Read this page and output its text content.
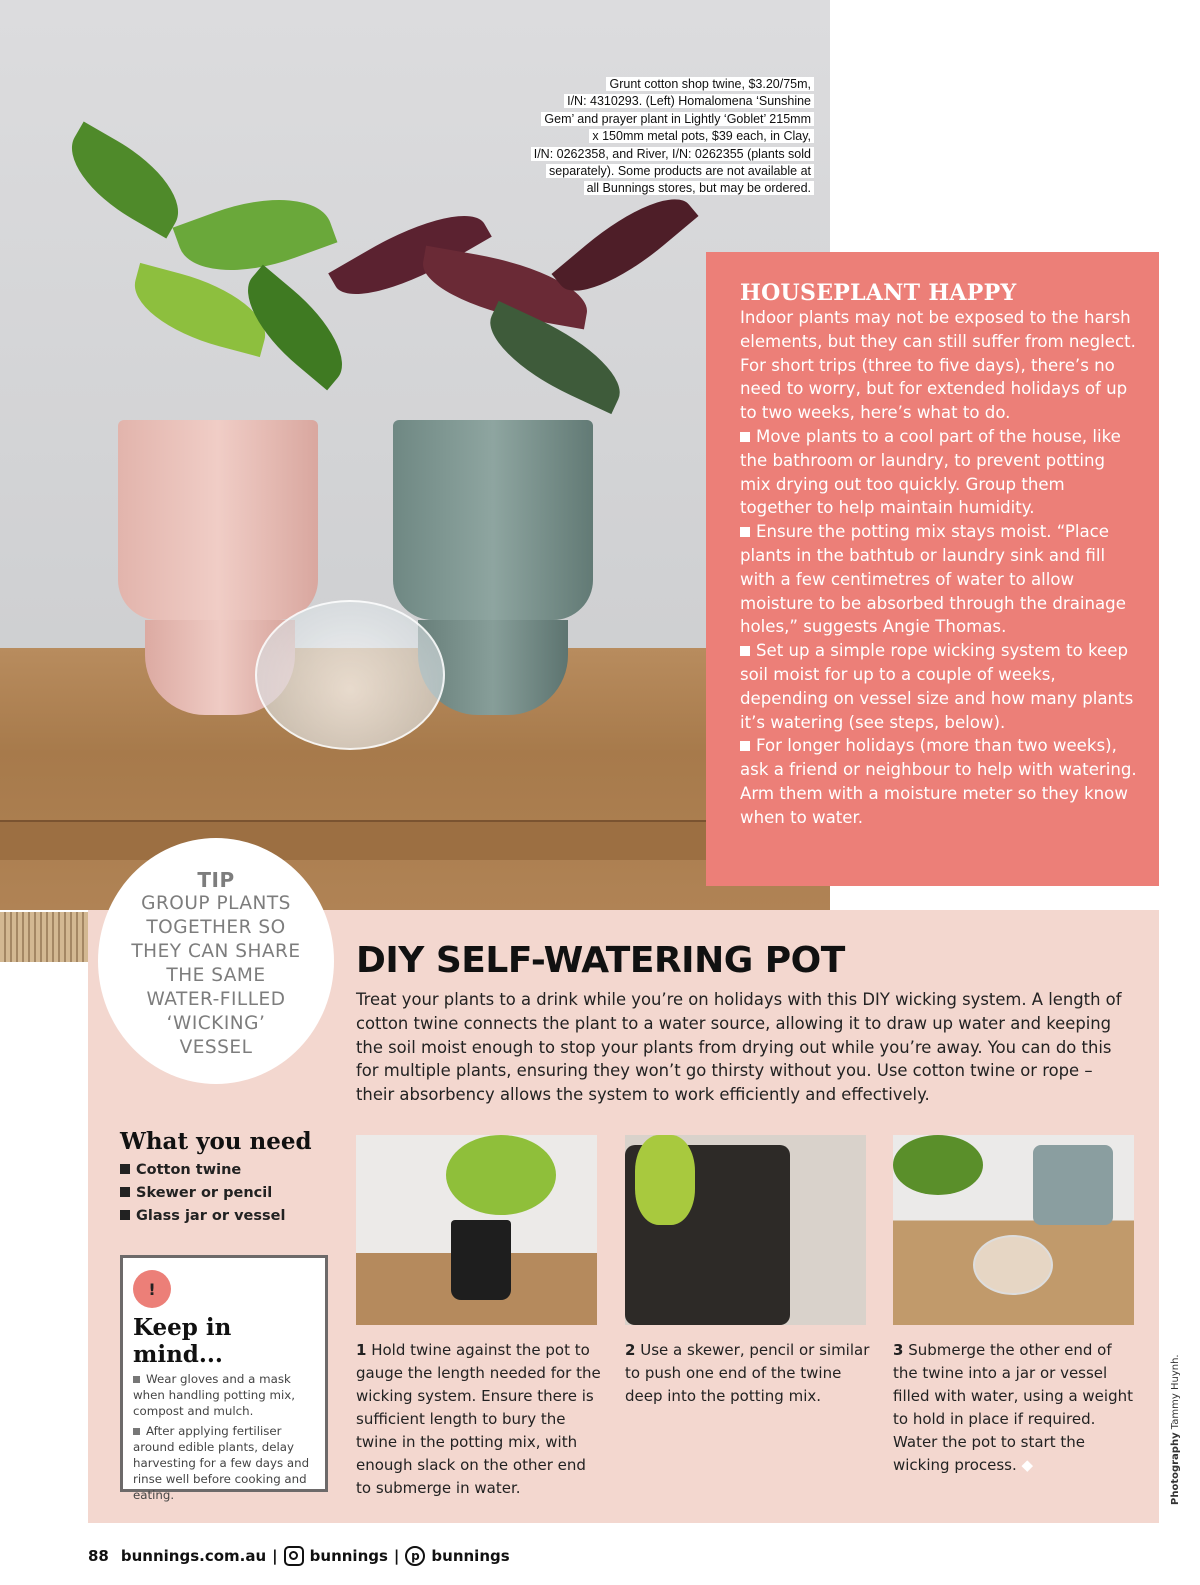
Grunt cotton shop twine, $3.20/75m,
I/N: 4310293. (Left) Homalomena ‘Sunshine
Gem’ and prayer plant in Lightly ‘Goblet’ 215mm
x 150mm metal pots, $39 each, in Clay,
I/N: 0262358, and River, I/N: 0262355 (plants sold
separately). Some products are not available at
all Bunnings stores, but may be ordered.
HOUSEPLANT HAPPY

Indoor plants may not be exposed to the harsh elements, but they can still suffer from neglect. For short trips (three to five days), there’s no need to worry, but for extended holidays of up to two weeks, here’s what to do.

Move plants to a cool part of the house, like the bathroom or laundry, to prevent potting mix drying out too quickly. Group them together to help maintain humidity.

Ensure the potting mix stays moist. “Place plants in the bathtub or laundry sink and fill with a few centimetres of water to allow moisture to be absorbed through the drainage holes,” suggests Angie Thomas.

Set up a simple rope wicking system to keep soil moist for up to a couple of weeks, depending on vessel size and how many plants it’s watering (see steps, below).

For longer holidays (more than two weeks), ask a friend or neighbour to help with watering. Arm them with a moisture meter so they know when to water.

TIP
GROUP PLANTS
TOGETHER SO
THEY CAN SHARE
THE SAME
WATER-FILLED
‘WICKING’
VESSEL
DIY SELF-WATERING POT

Treat your plants to a drink while you’re on holidays with this DIY wicking system. A length of cotton twine connects the plant to a water source, allowing it to draw up water and keeping the soil moist enough to stop your plants from drying out while you’re away. You can do this for multiple plants, ensuring they won’t go thirsty without you. Use cotton twine or rope – their absorbency allows the system to work efficiently and effectively.

What you need
Cotton twine
Skewer or pencil
Glass jar or vessel
!
Keep in mind...

Wear gloves and a mask when handling potting mix, compost and mulch.

After applying fertiliser around edible plants, delay harvesting for a few days and rinse well before cooking and eating.

1 Hold twine against the pot to gauge the length needed for the wicking system. Ensure there is sufficient length to bury the twine in the potting mix, with enough slack on the other end to submerge in water.

2 Use a skewer, pencil or similar to push one end of the twine deep into the potting mix.

3 Submerge the other end of the twine into a jar or vessel filled with water, using a weight to hold in place if required. Water the pot to start the wicking process. ◆	Photography Tammy Huynh.
88 bunnings.com.au | bunnings | p bunnings
